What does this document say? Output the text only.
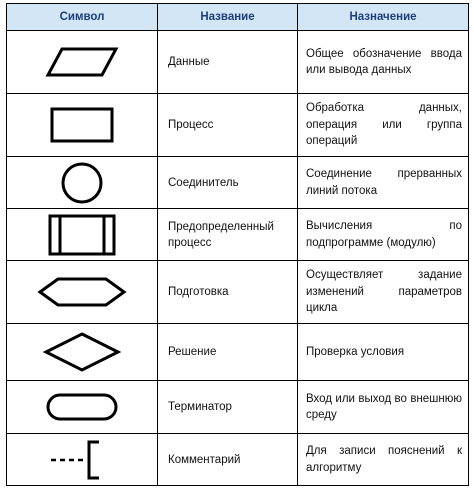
Символ	Название	Назначение

	Данные	Общее обозначение ввода или вывода данных

	Процесс	Обработка данных, операция или группа операций

	Соединитель	Соединение прерванных линий потока

	Предопределенный процесс	Вычисления по подпрограмме (модулю)

	Подготовка	Осуществляет задание изменений параметров цикла

	Решение	Проверка условия

	Терминатор	Вход или выход во внешнюю среду

	Комментарий	Для записи пояснений к алгоритму
